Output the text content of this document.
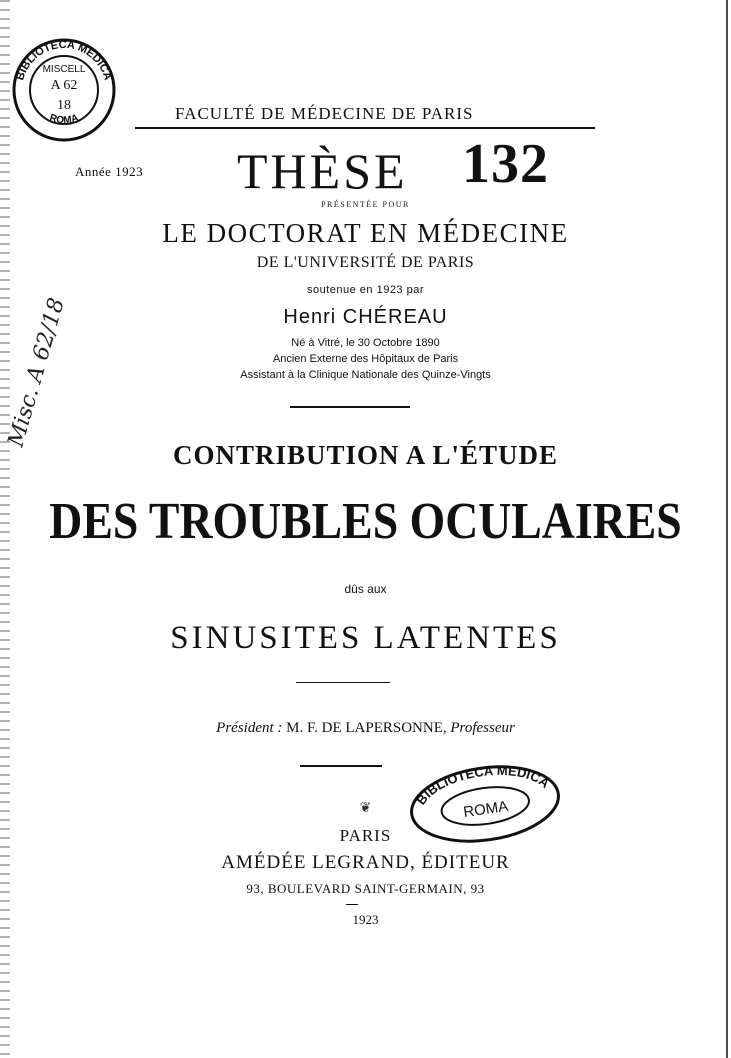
BIBLIOTECA MEDICA
ROMA
MISCELL
A 62
18	FACULTÉ DE MÉDECINE DE PARIS
Année 1923 THÈSE 132
PRÉSENTÉE POUR
LE DOCTORAT EN MÉDECINE
DE L'UNIVERSITÉ DE PARIS
soutenue en 1923 par
Henri CHÉREAU
Né à Vitré, le 30 Octobre 1890
Ancien Externe des Hôpitaux de Paris
Assistant à la Clinique Nationale des Quinze-Vingts
CONTRIBUTION A L'ÉTUDE
DES TROUBLES OCULAIRES
dûs aux
SINUSITES LATENTES
Président : M. F. DE LAPERSONNE, Professeur
BIBLIOTECA MEDICA
ROMA
❦
PARIS
AMÉDÉE LEGRAND, ÉDITEUR
93, BOULEVARD SAINT-GERMAIN, 93
1923
Misc. A 62/18
